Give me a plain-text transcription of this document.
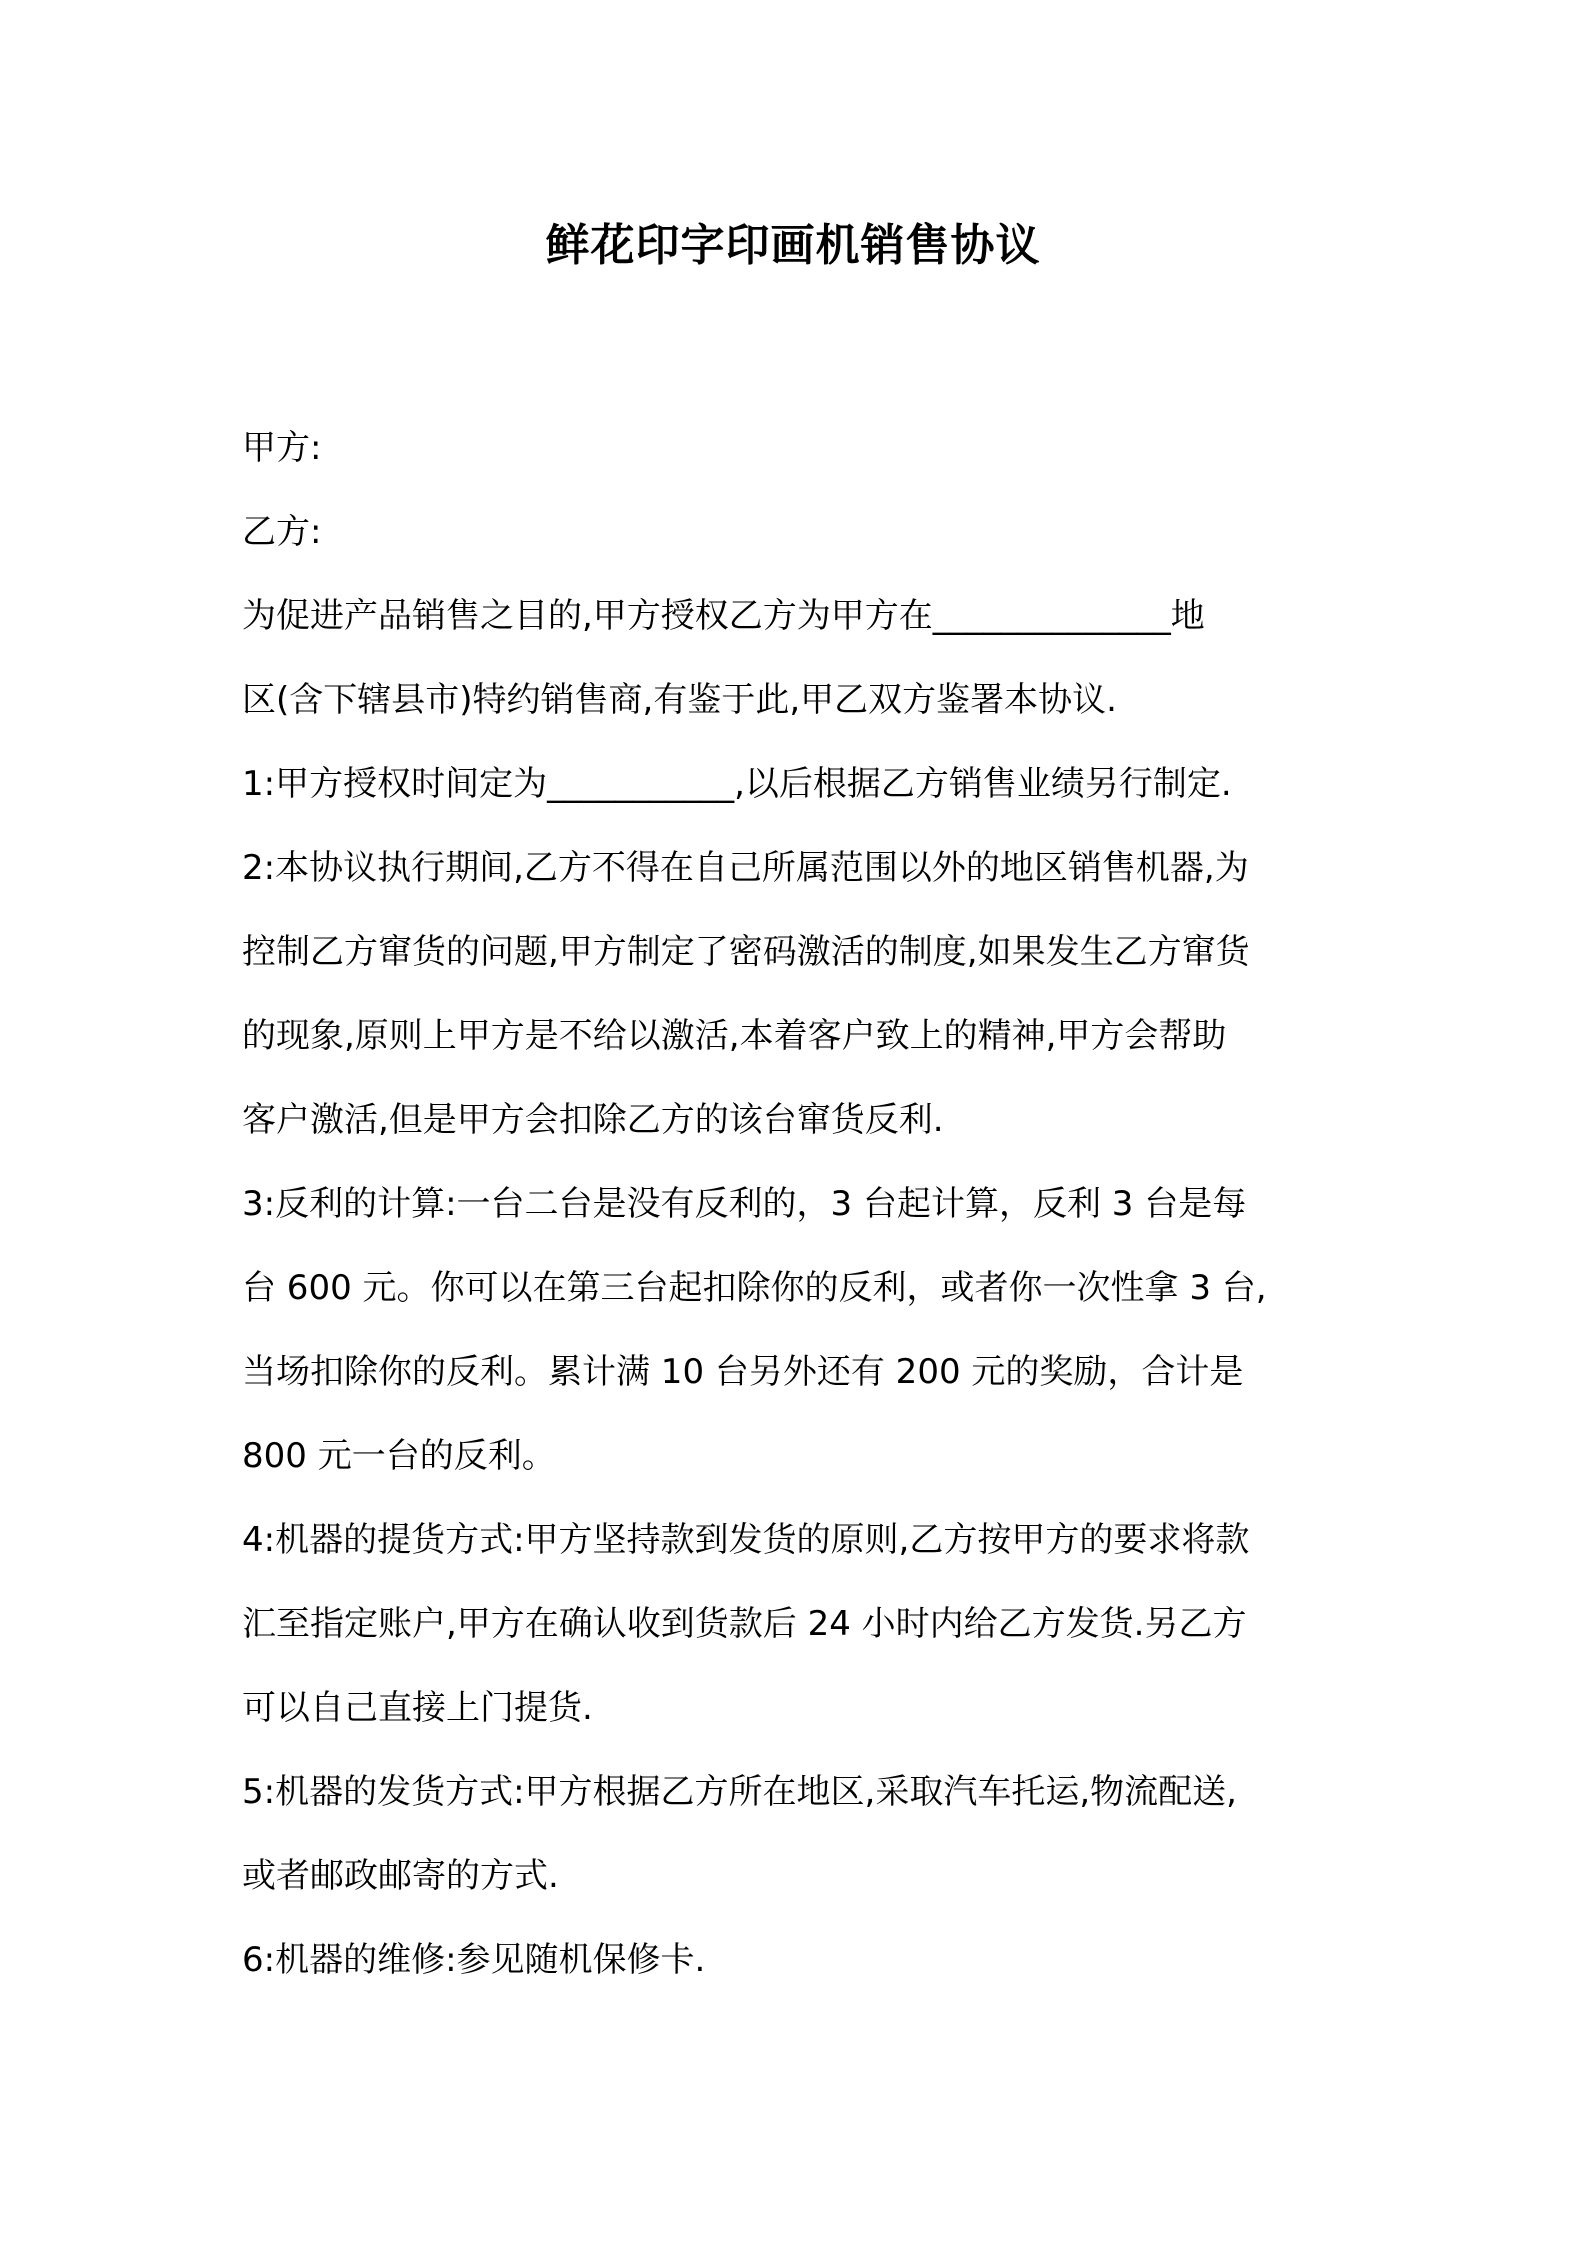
鲜花印字印画机销售协议
甲方:
乙方:
为促进产品销售之目的,甲方授权乙方为甲方在______________地
区(含下辖县市)特约销售商,有鉴于此,甲乙双方鉴署本协议.
1:甲方授权时间定为___________,以后根据乙方销售业绩另行制定.
2:本协议执行期间,乙方不得在自己所属范围以外的地区销售机器,为
控制乙方窜货的问题,甲方制定了密码激活的制度,如果发生乙方窜货
的现象,原则上甲方是不给以激活,本着客户致上的精神,甲方会帮助
客户激活,但是甲方会扣除乙方的该台窜货反利.
3:反利的计算:一台二台是没有反利的，3 台起计算，反利 3 台是每
台 600 元。你可以在第三台起扣除你的反利，或者你一次性拿 3 台,
当场扣除你的反利。累计满 10 台另外还有 200 元的奖励，合计是
800 元一台的反利。
4:机器的提货方式:甲方坚持款到发货的原则,乙方按甲方的要求将款
汇至指定账户,甲方在确认收到货款后 24 小时内给乙方发货.另乙方
可以自己直接上门提货.
5:机器的发货方式:甲方根据乙方所在地区,采取汽车托运,物流配送,
或者邮政邮寄的方式.
6:机器的维修:参见随机保修卡.
